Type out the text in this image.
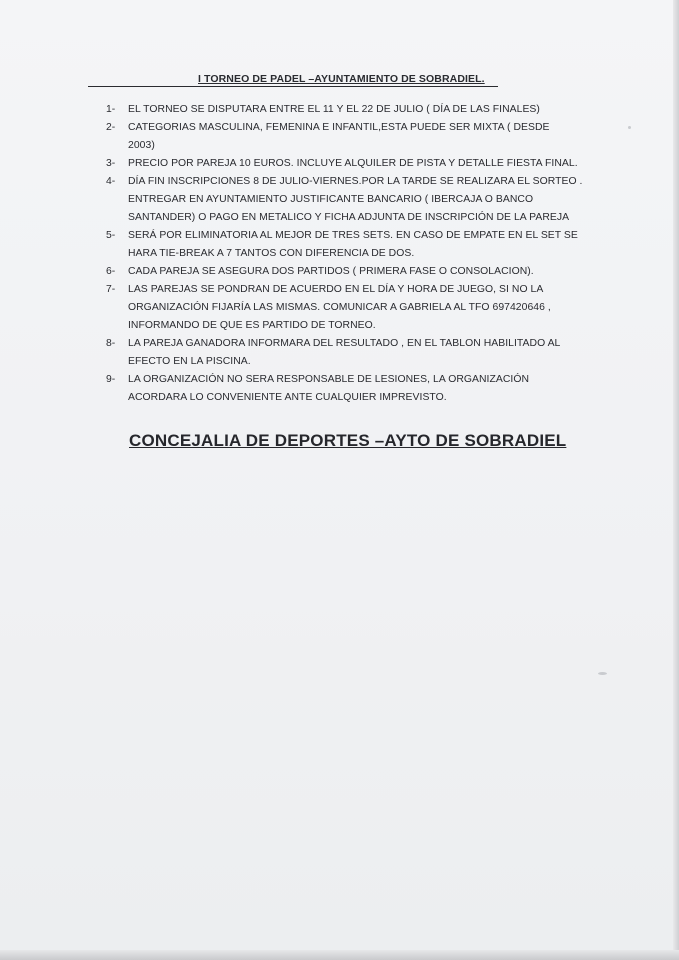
I TORNEO DE PADEL –AYUNTAMIENTO DE SOBRADIEL.
1-	EL TORNEO SE DISPUTARA ENTRE EL 11 Y EL 22 DE JULIO ( DÍA DE LAS FINALES)
2-	CATEGORIAS MASCULINA, FEMENINA E INFANTIL,ESTA PUEDE SER MIXTA ( DESDE
2003)
3-	PRECIO POR PAREJA 10 EUROS. INCLUYE ALQUILER DE PISTA Y DETALLE FIESTA FINAL.
4-	DÍA FIN INSCRIPCIONES 8 DE JULIO-VIERNES.POR LA TARDE SE REALIZARA EL SORTEO .
ENTREGAR EN AYUNTAMIENTO JUSTIFICANTE BANCARIO ( IBERCAJA O BANCO
SANTANDER) O PAGO EN METALICO Y FICHA ADJUNTA DE INSCRIPCIÓN DE LA PAREJA
5-	SERÁ POR ELIMINATORIA AL MEJOR DE TRES SETS. EN CASO DE EMPATE EN EL SET SE
HARA TIE-BREAK A 7 TANTOS CON DIFERENCIA DE DOS.
6-	CADA PAREJA SE ASEGURA DOS PARTIDOS ( PRIMERA FASE O CONSOLACION).
7-	LAS PAREJAS SE PONDRAN DE ACUERDO EN EL DÍA Y HORA DE JUEGO, SI NO LA
ORGANIZACIÓN FIJARÍA LAS MISMAS. COMUNICAR A GABRIELA AL TFO 697420646 ,
INFORMANDO DE QUE ES PARTIDO DE TORNEO.
8-	LA PAREJA GANADORA INFORMARA DEL RESULTADO , EN EL TABLON HABILITADO AL
EFECTO EN LA PISCINA.
9-	LA ORGANIZACIÓN NO SERA RESPONSABLE DE LESIONES, LA ORGANIZACIÓN
ACORDARA LO CONVENIENTE ANTE CUALQUIER IMPREVISTO.
CONCEJALIA DE DEPORTES –AYTO DE SOBRADIEL
